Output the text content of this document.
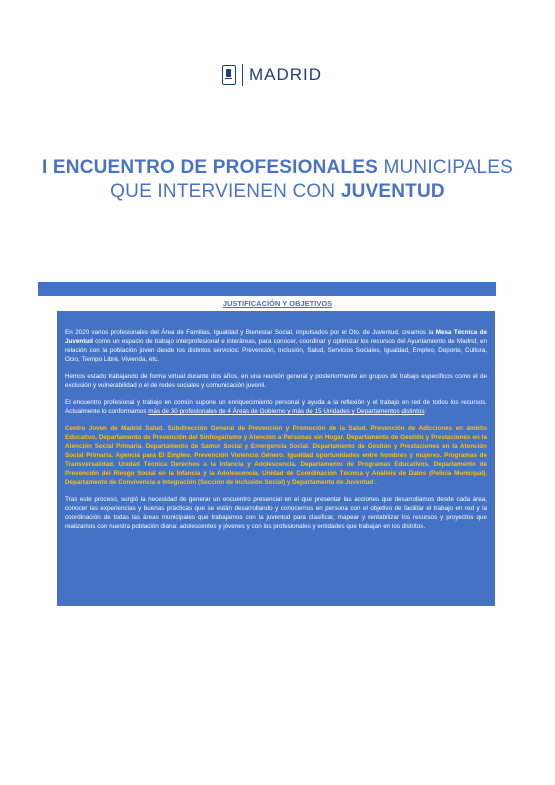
MADRID
I ENCUENTRO DE PROFESIONALES MUNICIPALES
QUE INTERVIENEN CON JUVENTUD
JUSTIFICACIÓN Y OBJETIVOS

En 2020 varios profesionales del Área de Familias, Igualdad y Bienestar Social, impulsados por el Dto. de Juventud, creamos la Mesa Técnica de Juventud como un espacio de trabajo interprofesional e interáreas, para conocer, coordinar y optimizar los recursos del Ayuntamiento de Madrid, en relación con la población joven desde los distintos servicios: Prevención, Inclusión, Salud, Servicios Sociales, Igualdad, Empleo, Deporte, Cultura, Ocio, Tiempo Libre, Vivienda, etc.

Hemos estado trabajando de forma virtual durante dos años, en una reunión general y posteriormente en grupos de trabajo específicos como el de exclusión y vulnerabilidad o el de redes sociales y comunicación juvenil.

El encuentro profesional y trabajo en común supone un enriquecimiento personal y ayuda a la reflexión y el trabajo en red de todos los recursos. Actualmente lo conformamos más de 30 profesionales de 4 Áreas de Gobierno y más de 15 Unidades y Departamentos distintos:

Centro Joven de Madrid Salud. Subdirección General de Prevención y Promoción de la Salud. Prevención de Adicciones en ámbito Educativo, Departamento de Prevención del Sinhogarismo y Atención a Personas sin Hogar. Departamento de Gestión y Prestaciones en la Atención Social Primaria. Departamento de Samur Social y Emergencia Social. Departamento de Gestión y Prestaciones en la Atención Social Primaria. Agencia para El Empleo. Prevención Violencia Género. Igualdad oportunidades entre hombres y mujeres. Programas de Transversalidad. Unidad Técnica Derechos a la Infancia y Adolescencia. Departamento de Programas Educativos. Departamento de Prevención del Riesgo Social en la Infancia y la Adolescencia. Unidad de Coordinación Técnica y Análisis de Datos (Policía Municipal). Departamento de Convivencia e Integración (Sección de Inclusión Social) y Departamento de Juventud .

Tras este proceso, surgió la necesidad de generar un encuentro presencial en el que presentar las acciones que desarrollamos desde cada área, conocer las experiencias y buenas prácticas que se están desarrollando y conocernos en persona con el objetivo de facilitar el trabajo en red y la coordinación de todas las áreas municipales que trabajamos con la juventud para clasificar, mapear y rentabilizar los recursos y proyectos que realizamos con nuestra población diana: adolescentes y jóvenes y con los profesionales y entidades que trabajan en los distritos.
